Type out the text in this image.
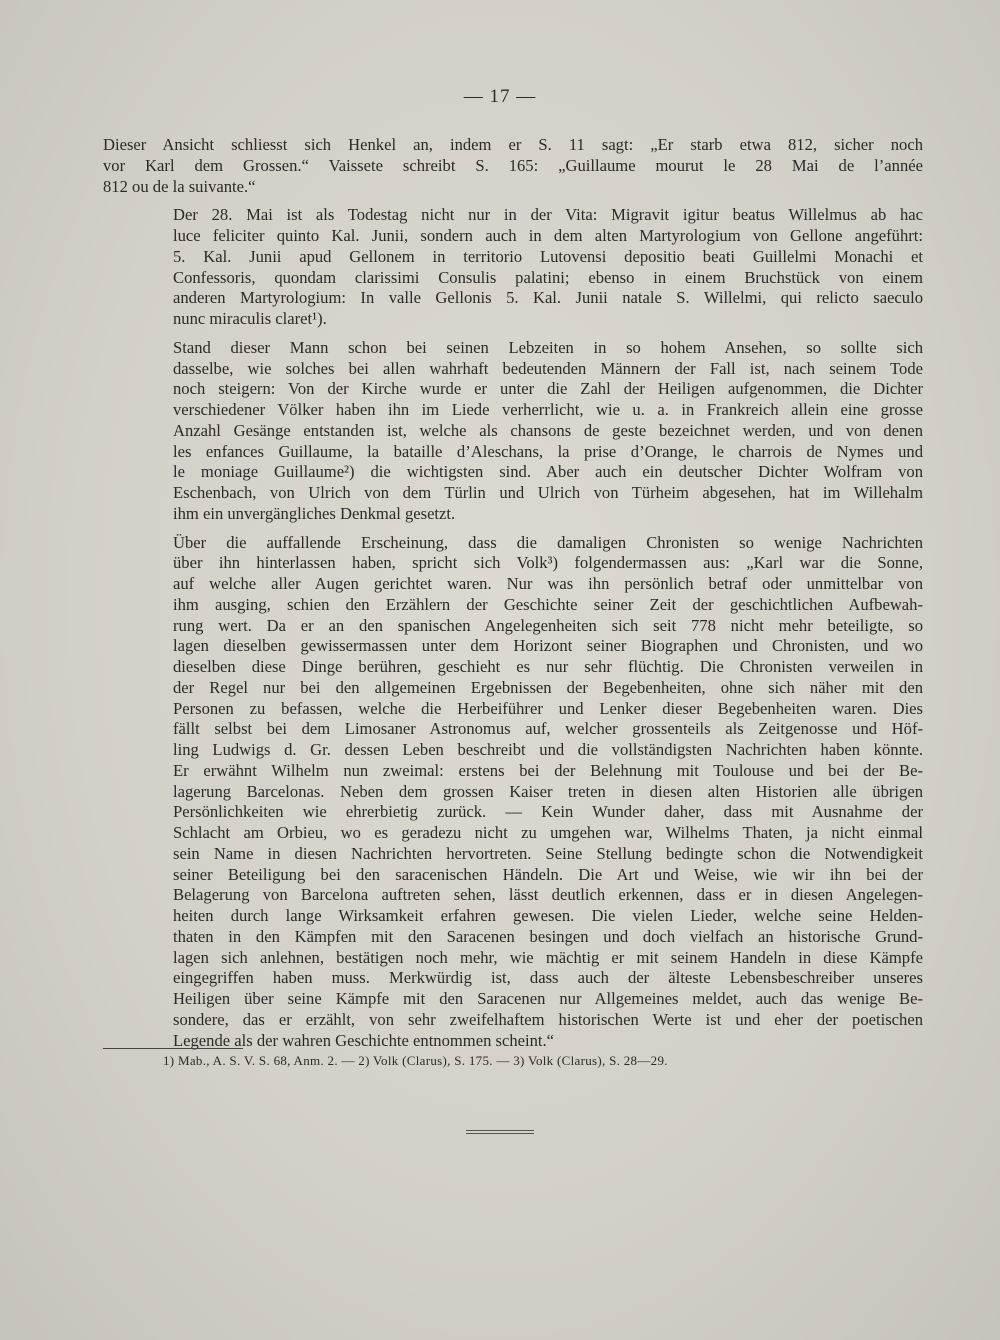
— 17 —

Dieser Ansicht schliesst sich Henkel an, indem er S. 11 sagt: „Er starb etwa 812, sicher noch
vor Karl dem Grossen.“ Vaissete schreibt S. 165: „Guillaume mourut le 28 Mai de l’année
812 ou de la suivante.“

Der 28. Mai ist als Todestag nicht nur in der Vita: Migravit igitur beatus Willelmus ab hac
luce feliciter quinto Kal. Junii, sondern auch in dem alten Martyrologium von Gellone angeführt:
5. Kal. Junii apud Gellonem in territorio Lutovensi depositio beati Guillelmi Monachi et
Confessoris, quondam clarissimi Consulis palatini; ebenso in einem Bruchstück von einem
anderen Martyrologium: In valle Gellonis 5. Kal. Junii natale S. Willelmi, qui relicto saeculo
nunc miraculis claret¹).

Stand dieser Mann schon bei seinen Lebzeiten in so hohem Ansehen, so sollte sich
dasselbe, wie solches bei allen wahrhaft bedeutenden Männern der Fall ist, nach seinem Tode
noch steigern: Von der Kirche wurde er unter die Zahl der Heiligen aufgenommen, die Dichter
verschiedener Völker haben ihn im Liede verherrlicht, wie u. a. in Frankreich allein eine grosse
Anzahl Gesänge entstanden ist, welche als chansons de geste bezeichnet werden, und von denen
les enfances Guillaume, la bataille d’Aleschans, la prise d’Orange, le charrois de Nymes und
le moniage Guillaume²) die wichtigsten sind. Aber auch ein deutscher Dichter Wolfram von
Eschenbach, von Ulrich von dem Türlin und Ulrich von Türheim abgesehen, hat im Willehalm
ihm ein unvergängliches Denkmal gesetzt.

Über die auffallende Erscheinung, dass die damaligen Chronisten so wenige Nachrichten
über ihn hinterlassen haben, spricht sich Volk³) folgendermassen aus: „Karl war die Sonne,
auf welche aller Augen gerichtet waren. Nur was ihn persönlich betraf oder unmittelbar von
ihm ausging, schien den Erzählern der Geschichte seiner Zeit der geschichtlichen Aufbewah-
rung wert. Da er an den spanischen Angelegenheiten sich seit 778 nicht mehr beteiligte, so
lagen dieselben gewissermassen unter dem Horizont seiner Biographen und Chronisten, und wo
dieselben diese Dinge berühren, geschieht es nur sehr flüchtig. Die Chronisten verweilen in
der Regel nur bei den allgemeinen Ergebnissen der Begebenheiten, ohne sich näher mit den
Personen zu befassen, welche die Herbeiführer und Lenker dieser Begebenheiten waren. Dies
fällt selbst bei dem Limosaner Astronomus auf, welcher grossenteils als Zeitgenosse und Höf-
ling Ludwigs d. Gr. dessen Leben beschreibt und die vollständigsten Nachrichten haben könnte.
Er erwähnt Wilhelm nun zweimal: erstens bei der Belehnung mit Toulouse und bei der Be-
lagerung Barcelonas. Neben dem grossen Kaiser treten in diesen alten Historien alle übrigen
Persönlichkeiten wie ehrerbietig zurück. — Kein Wunder daher, dass mit Ausnahme der
Schlacht am Orbieu, wo es geradezu nicht zu umgehen war, Wilhelms Thaten, ja nicht einmal
sein Name in diesen Nachrichten hervortreten. Seine Stellung bedingte schon die Notwendigkeit
seiner Beteiligung bei den saracenischen Händeln. Die Art und Weise, wie wir ihn bei der
Belagerung von Barcelona auftreten sehen, lässt deutlich erkennen, dass er in diesen Angelegen-
heiten durch lange Wirksamkeit erfahren gewesen. Die vielen Lieder, welche seine Helden-
thaten in den Kämpfen mit den Saracenen besingen und doch vielfach an historische Grund-
lagen sich anlehnen, bestätigen noch mehr, wie mächtig er mit seinem Handeln in diese Kämpfe
eingegriffen haben muss. Merkwürdig ist, dass auch der älteste Lebensbeschreiber unseres
Heiligen über seine Kämpfe mit den Saracenen nur Allgemeines meldet, auch das wenige Be-
sondere, das er erzählt, von sehr zweifelhaftem historischen Werte ist und eher der poetischen
Legende als der wahren Geschichte entnommen scheint.“

1) Mab., A. S. V. S. 68, Anm. 2. — 2) Volk (Clarus), S. 175. — 3) Volk (Clarus), S. 28—29.
